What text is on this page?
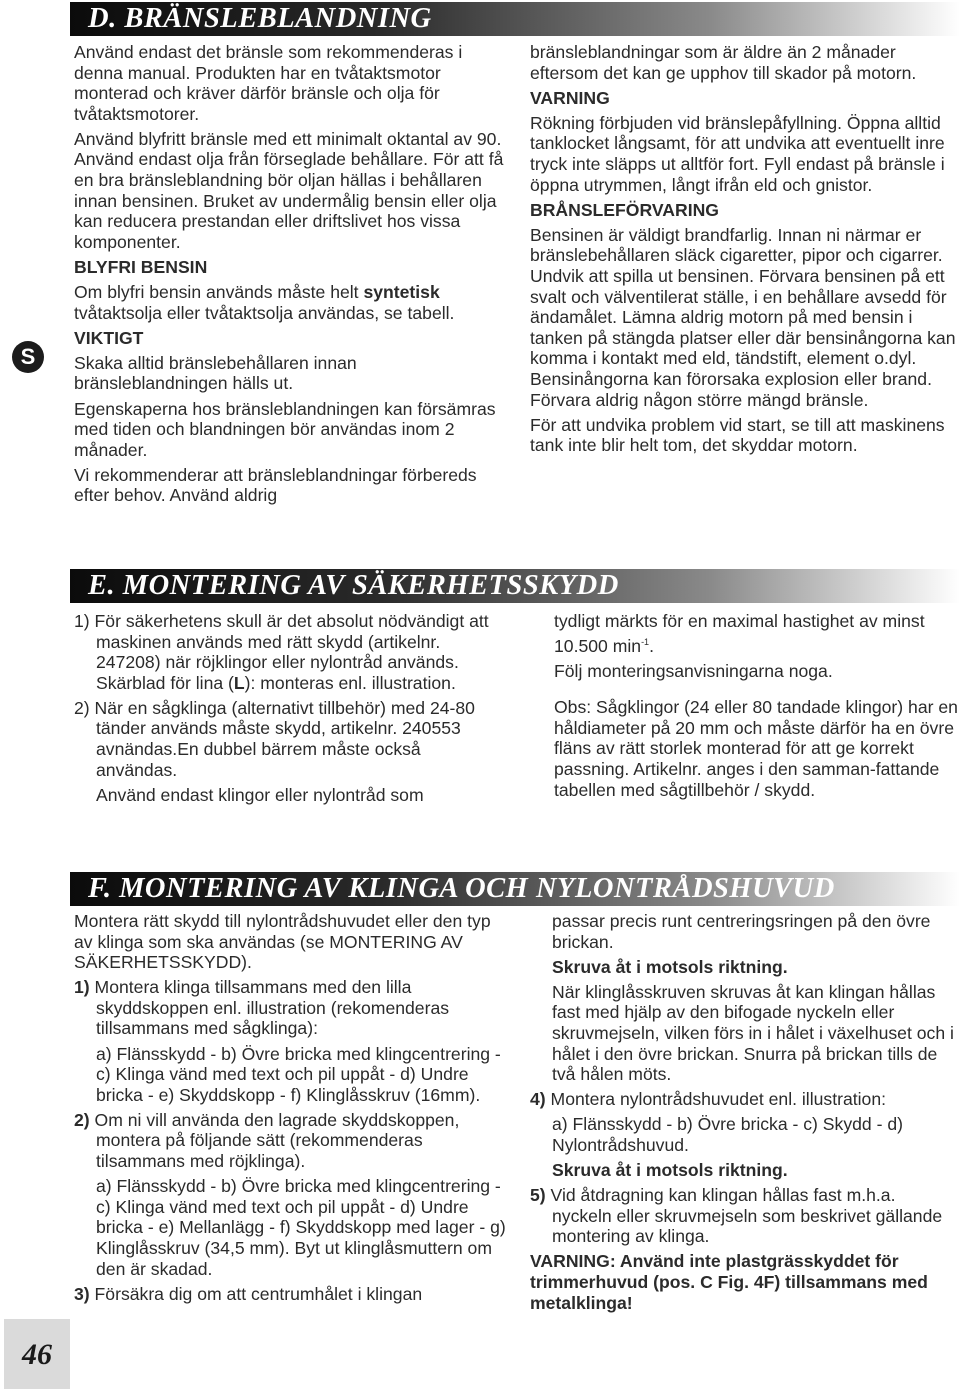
D. BRÄNSLEBLANDNING

Använd endast det bränsle som rekommenderas i denna manual. Produkten har en tvåtaktsmotor monterad och kräver därför bränsle och olja för tvåtaktsmotorer.

Använd blyfritt bränsle med ett minimalt oktantal av 90. Använd endast olja från förseglade behållare. För att få en bra bränsleblandning bör oljan hällas i behållaren innan bensinen. Bruket av undermålig bensin eller olja kan reducera prestandan eller driftslivet hos vissa komponenter.

BLYFRI BENSIN

Om blyfri bensin används måste helt syntetisk tvåtaktsolja eller tvåtaktsolja användas, se tabell.

VIKTIGT

Skaka alltid bränslebehållaren innan bränsleblandningen hälls ut.

Egenskaperna hos bränsleblandningen kan försämras med tiden och blandningen bör användas inom 2 månader.

Vi rekommenderar att bränsleblandningar förbereds efter behov. Använd aldrig

bränsleblandningar som är äldre än 2 månader eftersom det kan ge upphov till skador på motorn.

VARNING

Rökning förbjuden vid bränslepåfyllning. Öppna alltid tanklocket långsamt, för att undvika att eventuellt inre tryck inte släpps ut alltför fort. Fyll endast på bränsle i öppna utrymmen, långt ifrån eld och gnistor.

BRÅNSLEFÖRVARING

Bensinen är väldigt brandfarlig. Innan ni närmar er bränslebehållaren släck cigaretter, pipor och cigarrer. Undvik att spilla ut bensinen. Förvara bensinen på ett svalt och välventilerat ställe, i en behållare avsedd för ändamålet. Lämna aldrig motorn på med bensin i tanken på stängda platser eller där bensinångorna kan komma i kontakt med eld, tändstift, element o.dyl. Bensinångorna kan förorsaka explosion eller brand. Förvara aldrig någon större mängd bränsle.

För att undvika problem vid start, se till att maskinens tank inte blir helt tom, det skyddar motorn.

S
E. MONTERING AV SÄKERHETSSKYDD

1) För säkerhetens skull är det absolut nödvändigt att maskinen används med rätt skydd (artikelnr. 247208) när röjklingor eller nylontråd används. Skärblad för lina (L): monteras enl. illustration.

2) När en sågklinga (alternativt tillbehör) med 24-80 tänder används måste skydd, artikelnr. 240553 avnändas.En dubbel bärrem måste också användas.

Använd endast klingor eller nylontråd som

tydligt märkts för en maximal hastighet av minst 10.500 $\min^{-1}$.

Följ monteringsanvisningarna noga.

Obs: Sågklingor (24 eller 80 tandade klingor) har en håldiameter på 20 mm och måste därför ha en övre fläns av rätt storlek monterad för att ge korrekt passning. Artikelnr. anges i den samman-fattande tabellen med sågtillbehör / skydd.

F. MONTERING AV KLINGA OCH NYLONTRÅDSHUVUD

Montera rätt skydd till nylontrådshuvudet eller den typ av klinga som ska användas (se MONTERING AV SÄKERHETSSKYDD).

1) Montera klinga tillsammans med den lilla skyddskoppen enl. illustration (rekomenderas tillsammans med sågklinga):

a) Flänsskydd - b) Övre bricka med klingcentrering - c) Klinga vänd med text och pil uppåt - d) Undre bricka - e) Skyddskopp - f) Klinglåsskruv (16mm).

2) Om ni vill använda den lagrade skyddskoppen, montera på följande sätt (rekommenderas tilsammans med röjklinga).

a) Flänsskydd - b) Övre bricka med klingcentrering - c) Klinga vänd med text och pil uppåt - d) Undre bricka - e) Mellanlägg - f) Skyddskopp med lager - g) Klinglåsskruv (34,5 mm). Byt ut klinglåsmuttern om den är skadad.

3) Försäkra dig om att centrumhålet i klingan

passar precis runt centreringsringen på den övre brickan.

Skruva åt i motsols riktning.

När klinglåsskruven skruvas åt kan klingan hållas fast med hjälp av den bifogade nyckeln eller skruvmejseln, vilken förs in i hålet i växelhuset och i hålet i den övre brickan. Snurra på brickan tills de två hålen möts.

4) Montera nylontrådshuvudet enl. illustration:

a) Flänsskydd - b) Övre bricka - c) Skydd - d) Nylontrådshuvud.

Skruva åt i motsols riktning.

5) Vid åtdragning kan klingan hållas fast m.h.a. nyckeln eller skruvmejseln som beskrivet gällande montering av klinga.

VARNING: Använd inte plastgrässkyddet för trimmerhuvud (pos. C Fig. 4F) tillsammans med metalklinga!

46
